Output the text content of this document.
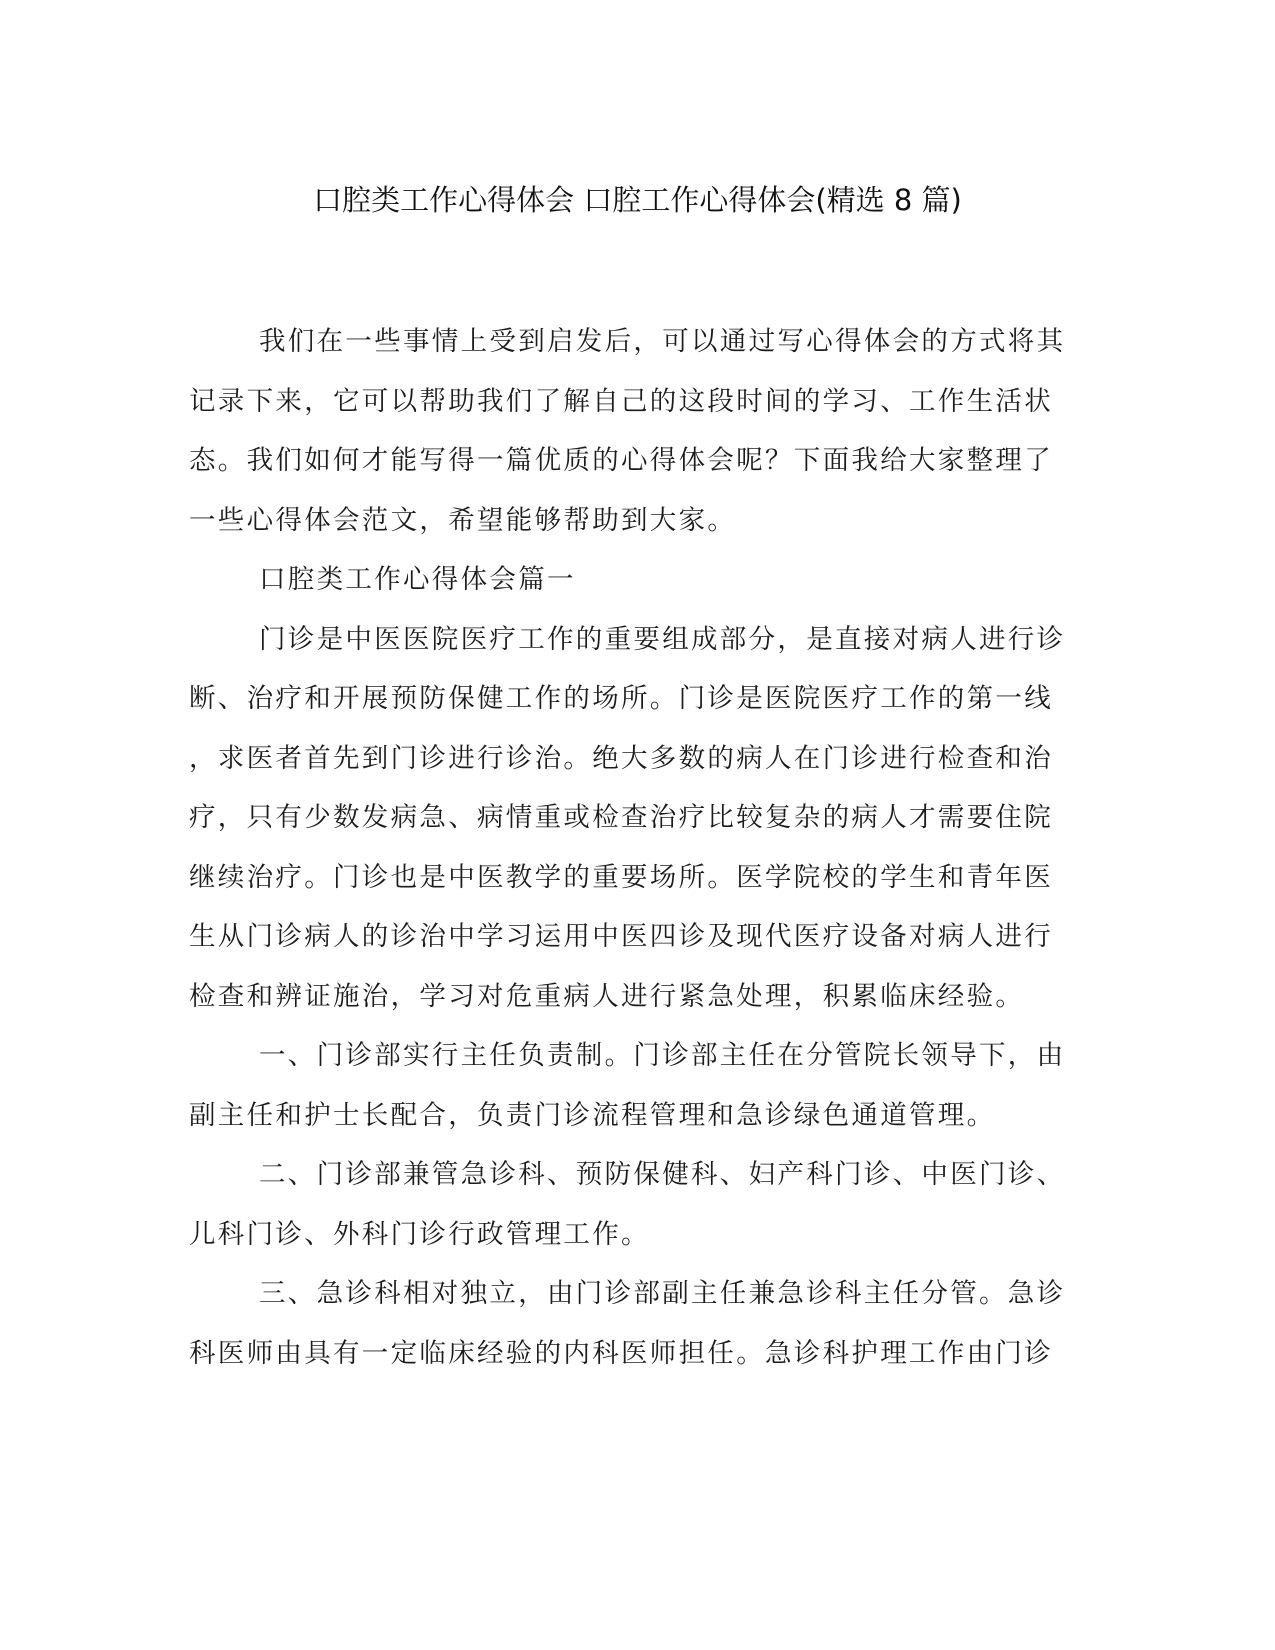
口腔类工作心得体会 口腔工作心得体会(精选 8 篇)
我们在一些事情上受到启发后，可以通过写心得体会的方式将其
记录下来，它可以帮助我们了解自己的这段时间的学习、工作生活状
态。我们如何才能写得一篇优质的心得体会呢？下面我给大家整理了
一些心得体会范文，希望能够帮助到大家。
口腔类工作心得体会篇一
门诊是中医医院医疗工作的重要组成部分，是直接对病人进行诊
断、治疗和开展预防保健工作的场所。门诊是医院医疗工作的第一线
，求医者首先到门诊进行诊治。绝大多数的病人在门诊进行检查和治
疗，只有少数发病急、病情重或检查治疗比较复杂的病人才需要住院
继续治疗。门诊也是中医教学的重要场所。医学院校的学生和青年医
生从门诊病人的诊治中学习运用中医四诊及现代医疗设备对病人进行
检查和辨证施治，学习对危重病人进行紧急处理，积累临床经验。
一、门诊部实行主任负责制。门诊部主任在分管院长领导下，由
副主任和护士长配合，负责门诊流程管理和急诊绿色通道管理。
二、门诊部兼管急诊科、预防保健科、妇产科门诊、中医门诊、
儿科门诊、外科门诊行政管理工作。
三、急诊科相对独立，由门诊部副主任兼急诊科主任分管。急诊
科医师由具有一定临床经验的内科医师担任。急诊科护理工作由门诊
